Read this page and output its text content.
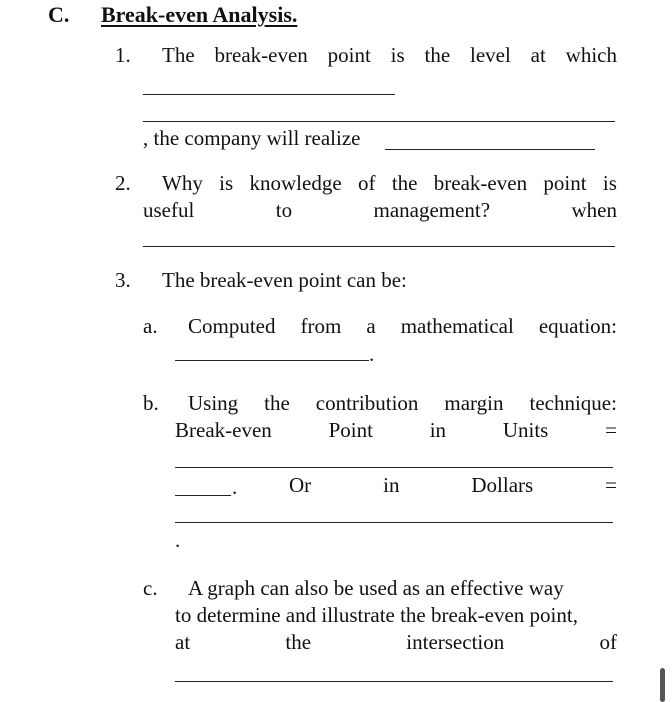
C. Break-even Analysis.
1. The break-even point is the level at which
, the company will realize
2. Why is knowledge of the break-even point is
useful	to	management?	when
3. The break-even point can be:
a. Computed from a mathematical equation:
.
b. Using the contribution margin technique:
Break-even	Point	in	Units	=
. Or	in	Dollars	=
.
c. A graph can also be used as an effective way
to determine and illustrate the break-even point,
at	the	intersection	of
